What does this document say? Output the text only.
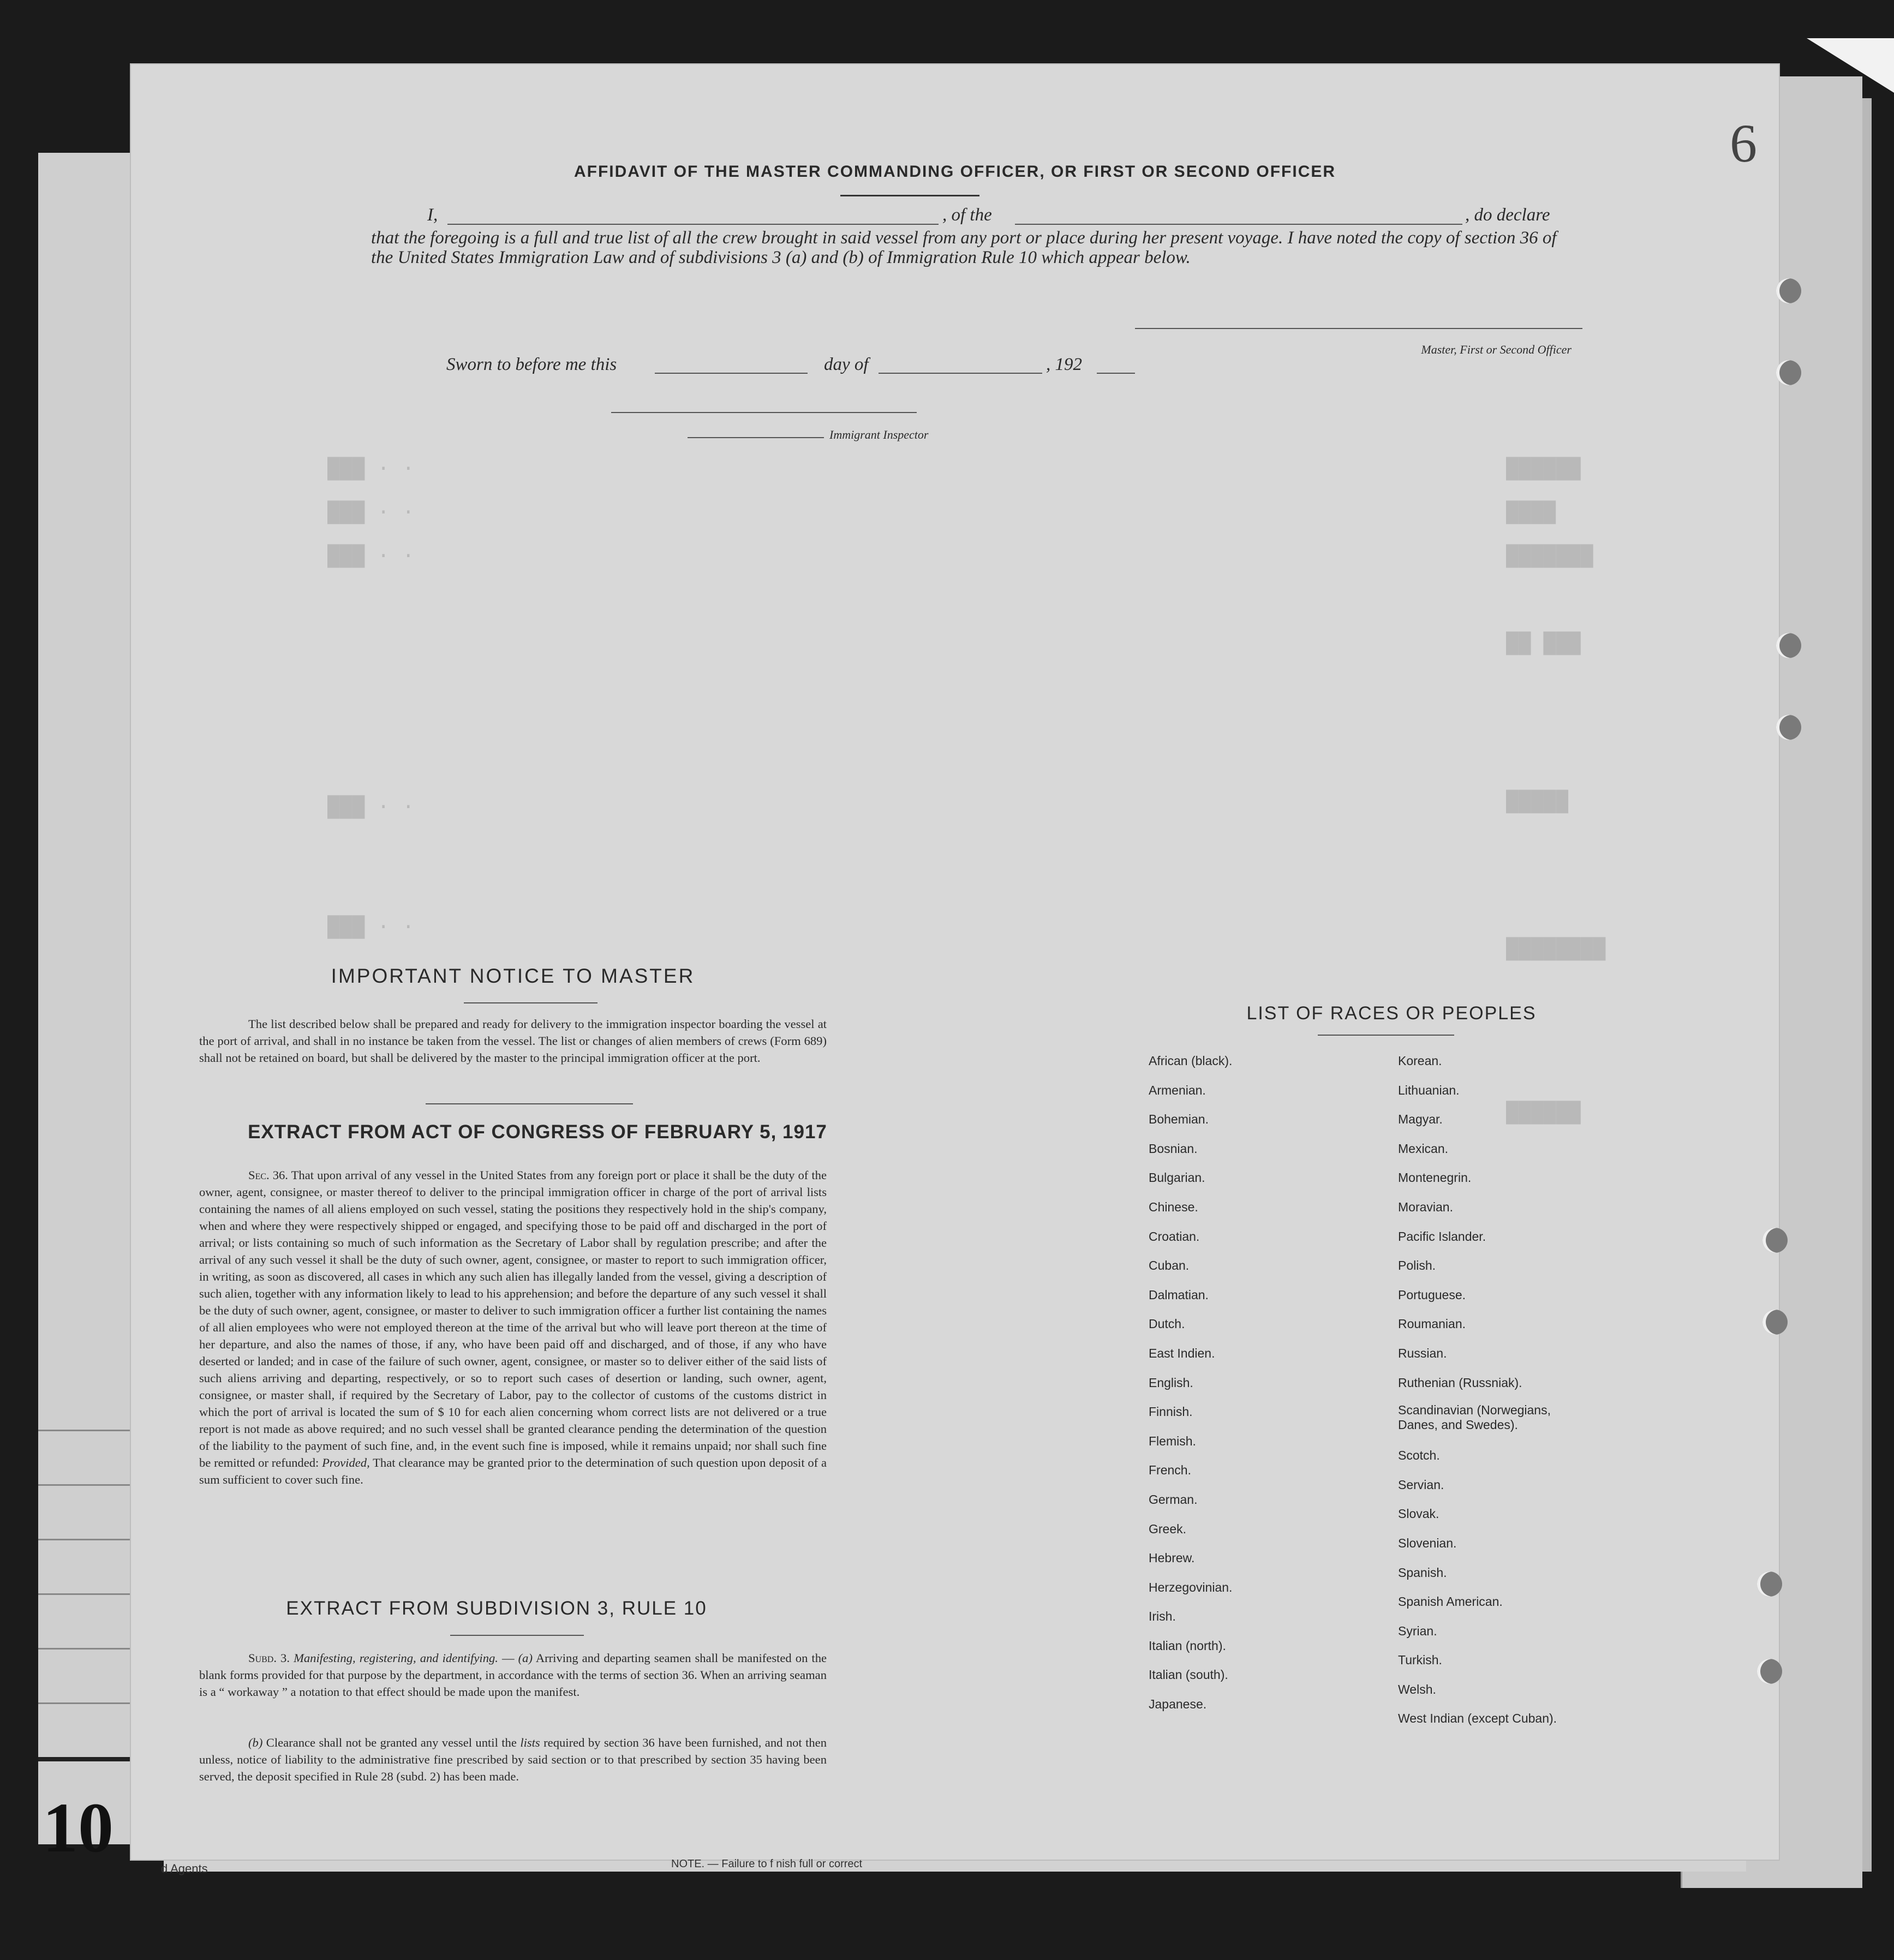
██████
████
███████
██ ███
█████
████████
██████
███ · ·
███ · ·
███ · ·
███ · ·
███ · ·
AFFIDAVIT OF THE MASTER COMMANDING OFFICER, OR FIRST OR SECOND OFFICER
I,	, of the	, do declare
that the foregoing is a full and true list of all the crew brought in said vessel from any port or place during her present voyage. I have noted the copy of section 36 of the United States Immigration Law and of subdivisions 3 (a) and (b) of Immigration Rule 10 which appear below.
Master, First or Second Officer
Sworn to before me this	day of	, 192
Immigrant Inspector
IMPORTANT NOTICE TO MASTER
The list described below shall be prepared and ready for delivery to the immigration inspector boarding the vessel at the port of arrival, and shall in no instance be taken from the vessel. The list or changes of alien members of crews (Form 689) shall not be retained on board, but shall be delivered by the master to the principal immigration officer at the port.
EXTRACT FROM ACT OF CONGRESS OF FEBRUARY 5, 1917
Sec. 36. That upon arrival of any vessel in the United States from any foreign port or place it shall be the duty of the owner, agent, consignee, or master thereof to deliver to the principal immigration officer in charge of the port of arrival lists containing the names of all aliens employed on such vessel, stating the positions they respectively hold in the ship's company, when and where they were respectively shipped or engaged, and specifying those to be paid off and discharged in the port of arrival; or lists containing so much of such information as the Secretary of Labor shall by regulation prescribe; and after the arrival of any such vessel it shall be the duty of such owner, agent, consignee, or master to report to such immigration officer, in writing, as soon as discovered, all cases in which any such alien has illegally landed from the vessel, giving a description of such alien, together with any information likely to lead to his apprehension; and before the departure of any such vessel it shall be the duty of such owner, agent, consignee, or master to deliver to such immigration officer a further list containing the names of all alien employees who were not employed thereon at the time of the arrival but who will leave port thereon at the time of her departure, and also the names of those, if any, who have been paid off and discharged, and of those, if any who have deserted or landed; and in case of the failure of such owner, agent, consignee, or master so to deliver either of the said lists of such aliens arriving and departing, respectively, or so to report such cases of desertion or landing, such owner, agent, consignee, or master shall, if required by the Secretary of Labor, pay to the collector of customs of the customs district in which the port of arrival is located the sum of $ 10 for each alien concerning whom correct lists are not delivered or a true report is not made as above required; and no such vessel shall be granted clearance pending the determination of the question of the liability to the payment of such fine, and, in the event such fine is imposed, while it remains unpaid; nor shall such fine be remitted or refunded: Provided, That clearance may be granted prior to the determination of such question upon deposit of a sum sufficient to cover such fine.
EXTRACT FROM SUBDIVISION 3, RULE 10
Subd. 3. Manifesting, registering, and identifying. — (a) Arriving and departing seamen shall be manifested on the blank forms provided for that purpose by the department, in accordance with the terms of section 36. When an arriving seaman is a “ workaway ” a notation to that effect should be made upon the manifest.
(b) Clearance shall not be granted any vessel until the lists required by section 36 have been furnished, and not then unless, notice of liability to the administrative fine prescribed by said section or to that prescribed by section 35 having been served, the deposit specified in Rule 28 (subd. 2) has been made.
LIST OF RACES OR PEOPLES
African (black).
Armenian.
Bohemian.
Bosnian.
Bulgarian.
Chinese.
Croatian.
Cuban.
Dalmatian.
Dutch.
East Indien.
English.
Finnish.
Flemish.
French.
German.
Greek.
Hebrew.
Herzegovinian.
Irish.
Italian (north).
Italian (south).
Japanese.
Korean.
Lithuanian.
Magyar.
Mexican.
Montenegrin.
Moravian.
Pacific Islander.
Polish.
Portuguese.
Roumanian.
Russian.
Ruthenian (Russniak).
Scandinavian (Norwegians, Danes, and Swedes).
Scotch.
Servian.
Slovak.
Slovenian.
Spanish.
Spanish American.
Syrian.
Turkish.
Welsh.
West Indian (except Cuban).
6
10
d Agents	NOTE. — Failure to f nish full or correct
